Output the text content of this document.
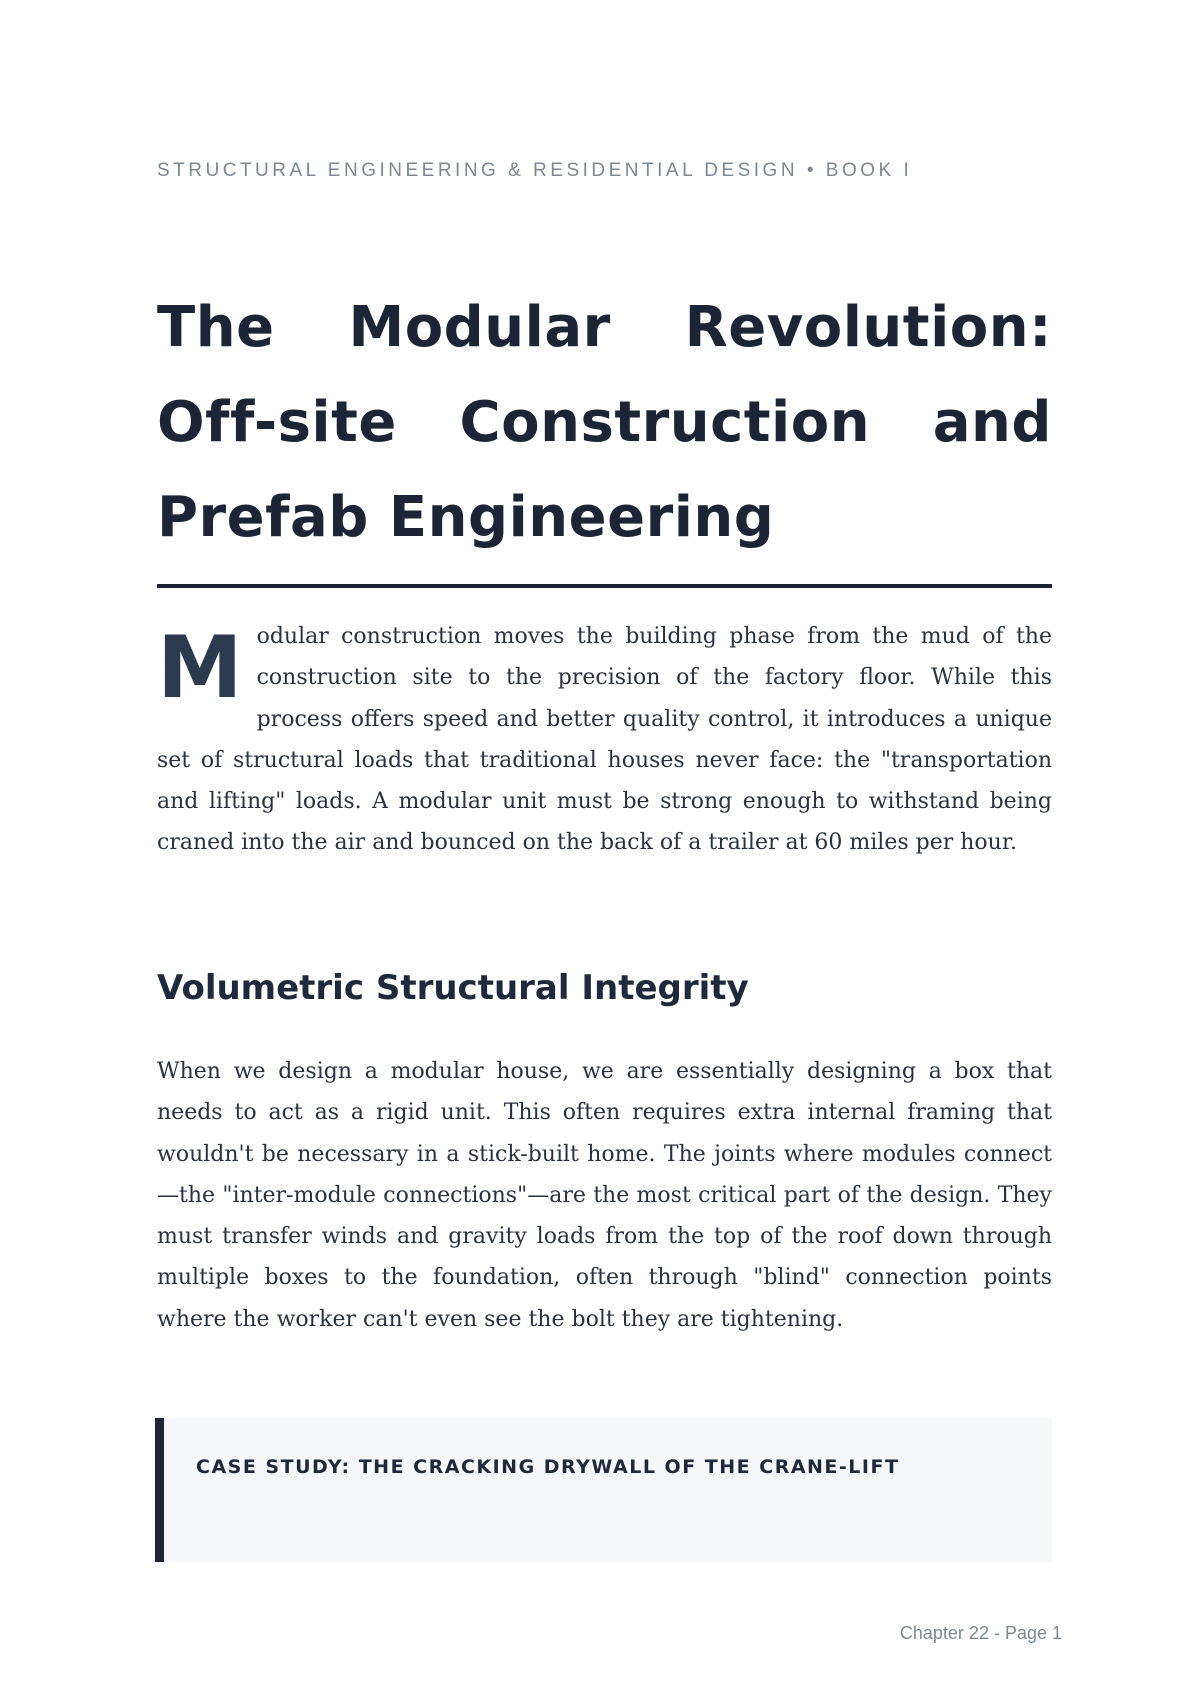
STRUCTURAL ENGINEERING & RESIDENTIAL DESIGN • BOOK I
The Modular Revolution: Off-site Construction and Prefab Engineering

Modular construction moves the building phase from the mud of the construction site to the precision of the factory floor. While this process offers speed and better quality control, it introduces a unique set of structural loads that traditional houses never face: the "transportation and lifting" loads. A modular unit must be strong enough to withstand being craned into the air and bounced on the back of a trailer at 60 miles per hour.

Volumetric Structural Integrity

When we design a modular house, we are essentially designing a box that needs to act as a rigid unit. This often requires extra internal framing that wouldn't be necessary in a stick-built home. The joints where modules connect—the "inter-module connections"—are the most critical part of the design. They must transfer winds and gravity loads from the top of the roof down through multiple boxes to the foundation, often through "blind" connection points where the worker can't even see the bolt they are tightening.

CASE STUDY: THE CRACKING DRYWALL OF THE CRANE-LIFT
Chapter 22 - Page 1
